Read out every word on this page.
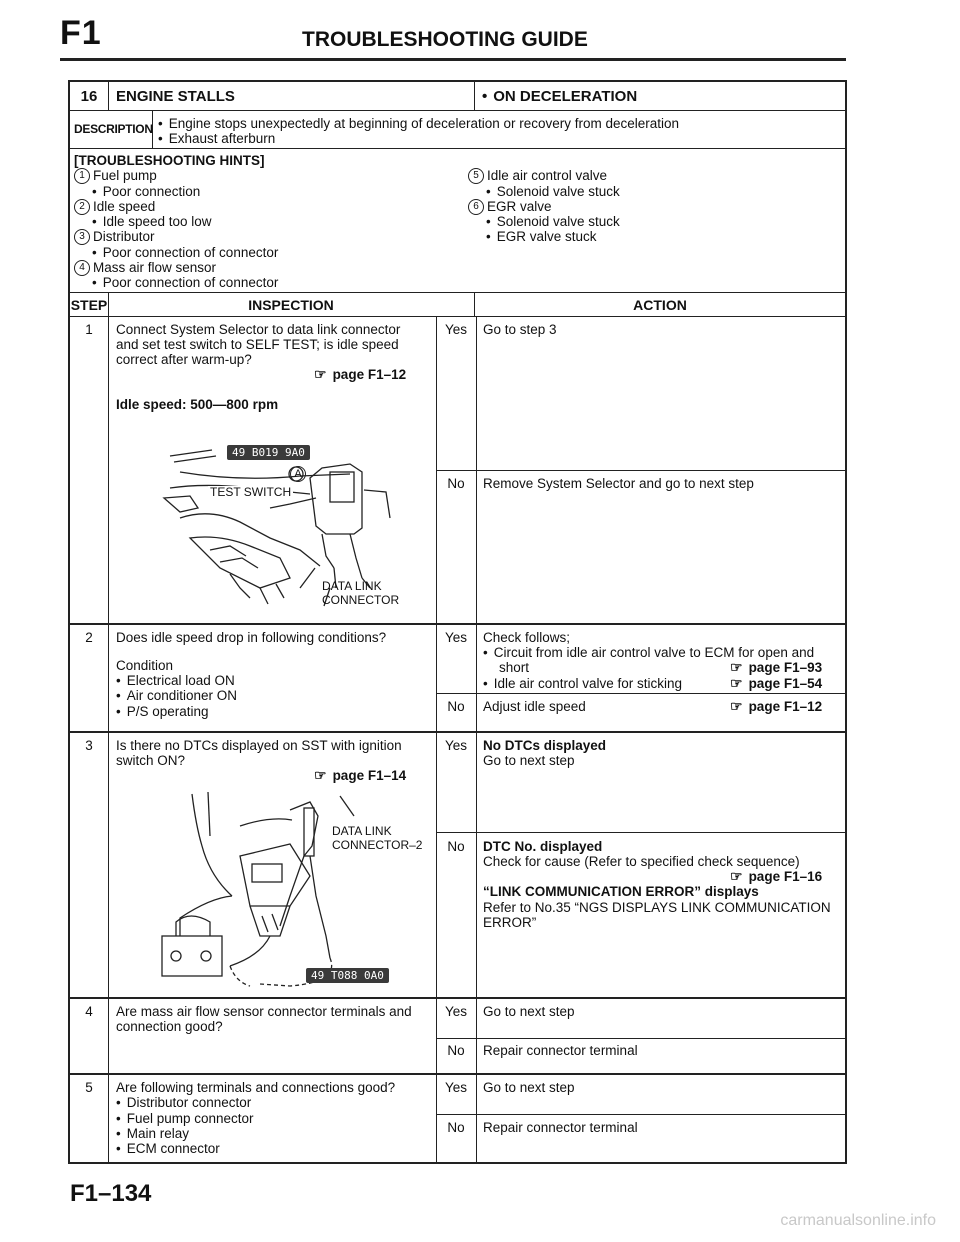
F1	TROUBLESHOOTING GUIDE
16	ENGINE STALLS	• ON DECELERATION
DESCRIPTION	• Engine stops unexpectedly at beginning of deceleration or recovery from deceleration
• Exhaust afterburn
[TROUBLESHOOTING HINTS]
1 Fuel pump
• Poor connection
2 Idle speed
• Idle speed too low
3 Distributor
• Poor connection of connector
4 Mass air flow sensor
• Poor connection of connector
5 Idle air control valve
• Solenoid valve stuck
6 EGR valve
• Solenoid valve stuck
• EGR valve stuck
STEP	INSPECTION	ACTION
1	Connect System Selector to data link connector
and set test switch to SELF TEST; is idle speed
correct after warm-up?
☞ page F1–12
Idle speed: 500—800 rpm
49 B019 9A0
A
TEST SWITCH
DATA LINK
CONNECTOR
Yes	Go to step 3
No	Remove System Selector and go to next step
2	Does idle speed drop in following conditions?
Condition
• Electrical load ON
• Air conditioner ON
• P/S operating
Yes	Check follows;
• Circuit from idle air control valve to ECM for open and
short	☞ page F1–93
• Idle air control valve for sticking	☞ page F1–54
No	Adjust idle speed	☞ page F1–12
3	Is there no DTCs displayed on SST with ignition
switch ON?
☞ page F1–14
DATA LINK
CONNECTOR–2
49 T088 0A0
Yes	No DTCs displayed
Go to next step
No	DTC No. displayed
Check for cause (Refer to specified check sequence)
☞ page F1–16
“LINK COMMUNICATION ERROR” displays
Refer to No.35 “NGS DISPLAYS LINK COMMUNICATION
ERROR”
4	Are mass air flow sensor connector terminals and
connection good?
Yes	Go to next step
No	Repair connector terminal
5	Are following terminals and connections good?
• Distributor connector
• Fuel pump connector
• Main relay
• ECM connector
Yes	Go to next step
No	Repair connector terminal
F1–134
carmanualsonline.info
